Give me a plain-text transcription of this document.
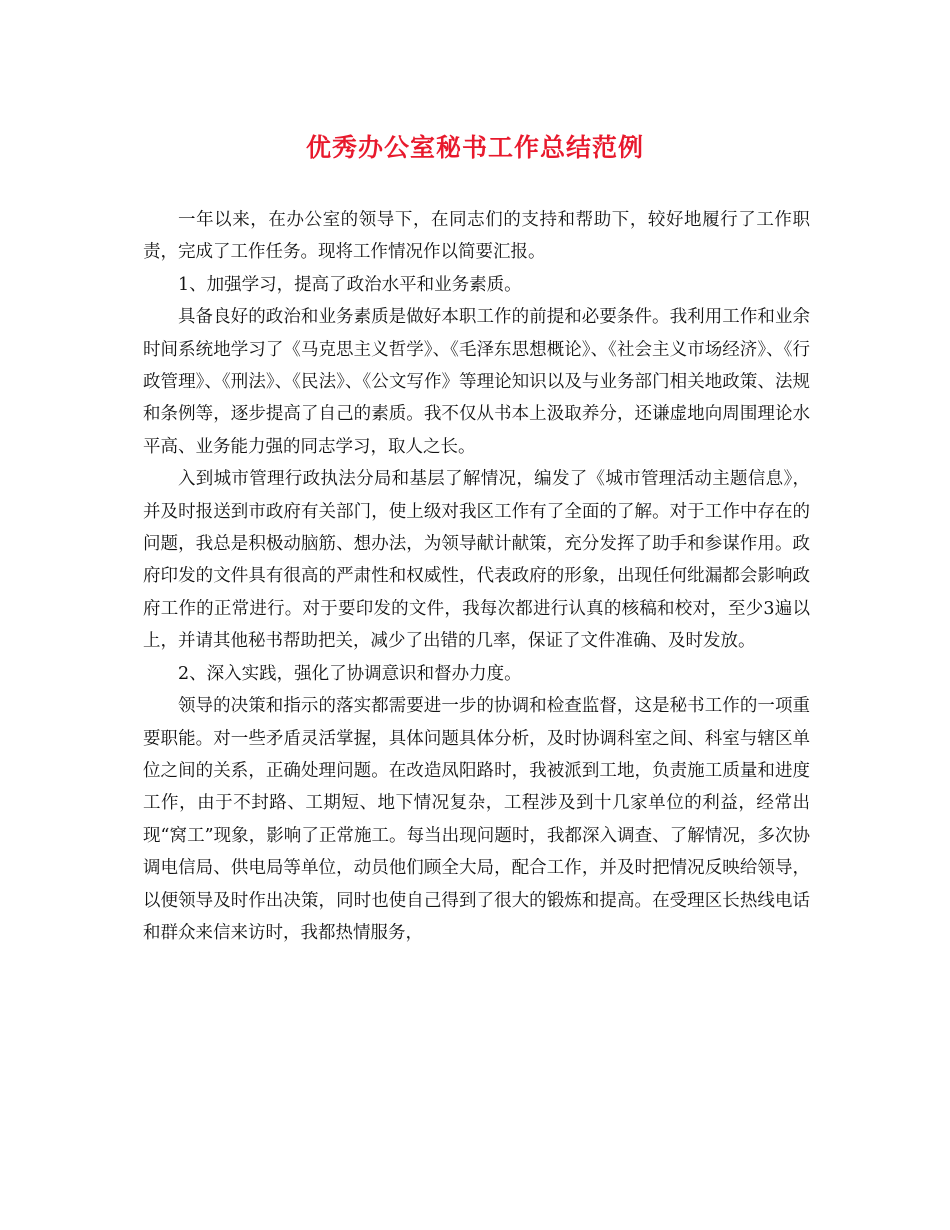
优秀办公室秘书工作总结范例

一年以来，在办公室的领导下，在同志们的支持和帮助下，较好地履行了工作职责，完成了工作任务。现将工作情况作以简要汇报。

1、加强学习，提高了政治水平和业务素质。

具备良好的政治和业务素质是做好本职工作的前提和必要条件。我利用工作和业余时间系统地学习了《马克思主义哲学》、《毛泽东思想概论》、《社会主义市场经济》、《行政管理》、《刑法》、《民法》、《公文写作》等理论知识以及与业务部门相关地政策、法规和条例等，逐步提高了自己的素质。我不仅从书本上汲取养分，还谦虚地向周围理论水平高、业务能力强的同志学习，取人之长。

入到城市管理行政执法分局和基层了解情况，编发了《城市管理活动主题信息》，并及时报送到市政府有关部门，使上级对我区工作有了全面的了解。对于工作中存在的问题，我总是积极动脑筋、想办法，为领导献计献策，充分发挥了助手和参谋作用。政府印发的文件具有很高的严肃性和权威性，代表政府的形象，出现任何纰漏都会影响政府工作的正常进行。对于要印发的文件，我每次都进行认真的核稿和校对，至少3遍以上，并请其他秘书帮助把关，减少了出错的几率，保证了文件准确、及时发放。

2、深入实践，强化了协调意识和督办力度。

领导的决策和指示的落实都需要进一步的协调和检查监督，这是秘书工作的一项重要职能。对一些矛盾灵活掌握，具体问题具体分析，及时协调科室之间、科室与辖区单位之间的关系，正确处理问题。在改造凤阳路时，我被派到工地，负责施工质量和进度工作，由于不封路、工期短、地下情况复杂，工程涉及到十几家单位的利益，经常出现“窝工”现象，影响了正常施工。每当出现问题时，我都深入调查、了解情况，多次协调电信局、供电局等单位，动员他们顾全大局，配合工作，并及时把情况反映给领导，以便领导及时作出决策，同时也使自己得到了很大的锻炼和提高。在受理区长热线电话和群众来信来访时，我都热情服务，
